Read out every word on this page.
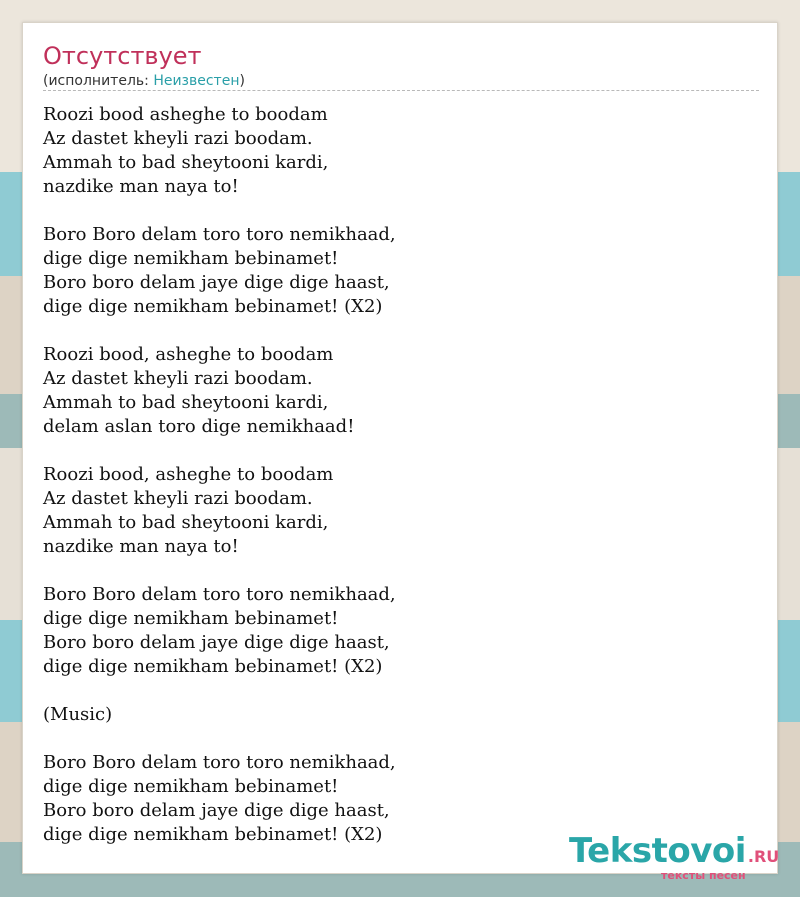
Отсутствует
(исполнитель: Неизвестен)
Roozi bood asheghe to boodam
Az dastet kheyli razi boodam.
Ammah to bad sheytooni kardi,
nazdike man naya to!
Boro Boro delam toro toro nemikhaad,
dige dige nemikham bebinamet!
Boro boro delam jaye dige dige haast,
dige dige nemikham bebinamet! (X2)
Roozi bood, asheghe to boodam
Az dastet kheyli razi boodam.
Ammah to bad sheytooni kardi,
delam aslan toro dige nemikhaad!
Roozi bood, asheghe to boodam
Az dastet kheyli razi boodam.
Ammah to bad sheytooni kardi,
nazdike man naya to!
Boro Boro delam toro toro nemikhaad,
dige dige nemikham bebinamet!
Boro boro delam jaye dige dige haast,
dige dige nemikham bebinamet! (X2)
(Music)
Boro Boro delam toro toro nemikhaad,
dige dige nemikham bebinamet!
Boro boro delam jaye dige dige haast,
dige dige nemikham bebinamet! (X2)	Tekstovoi .RU
тексты песен
